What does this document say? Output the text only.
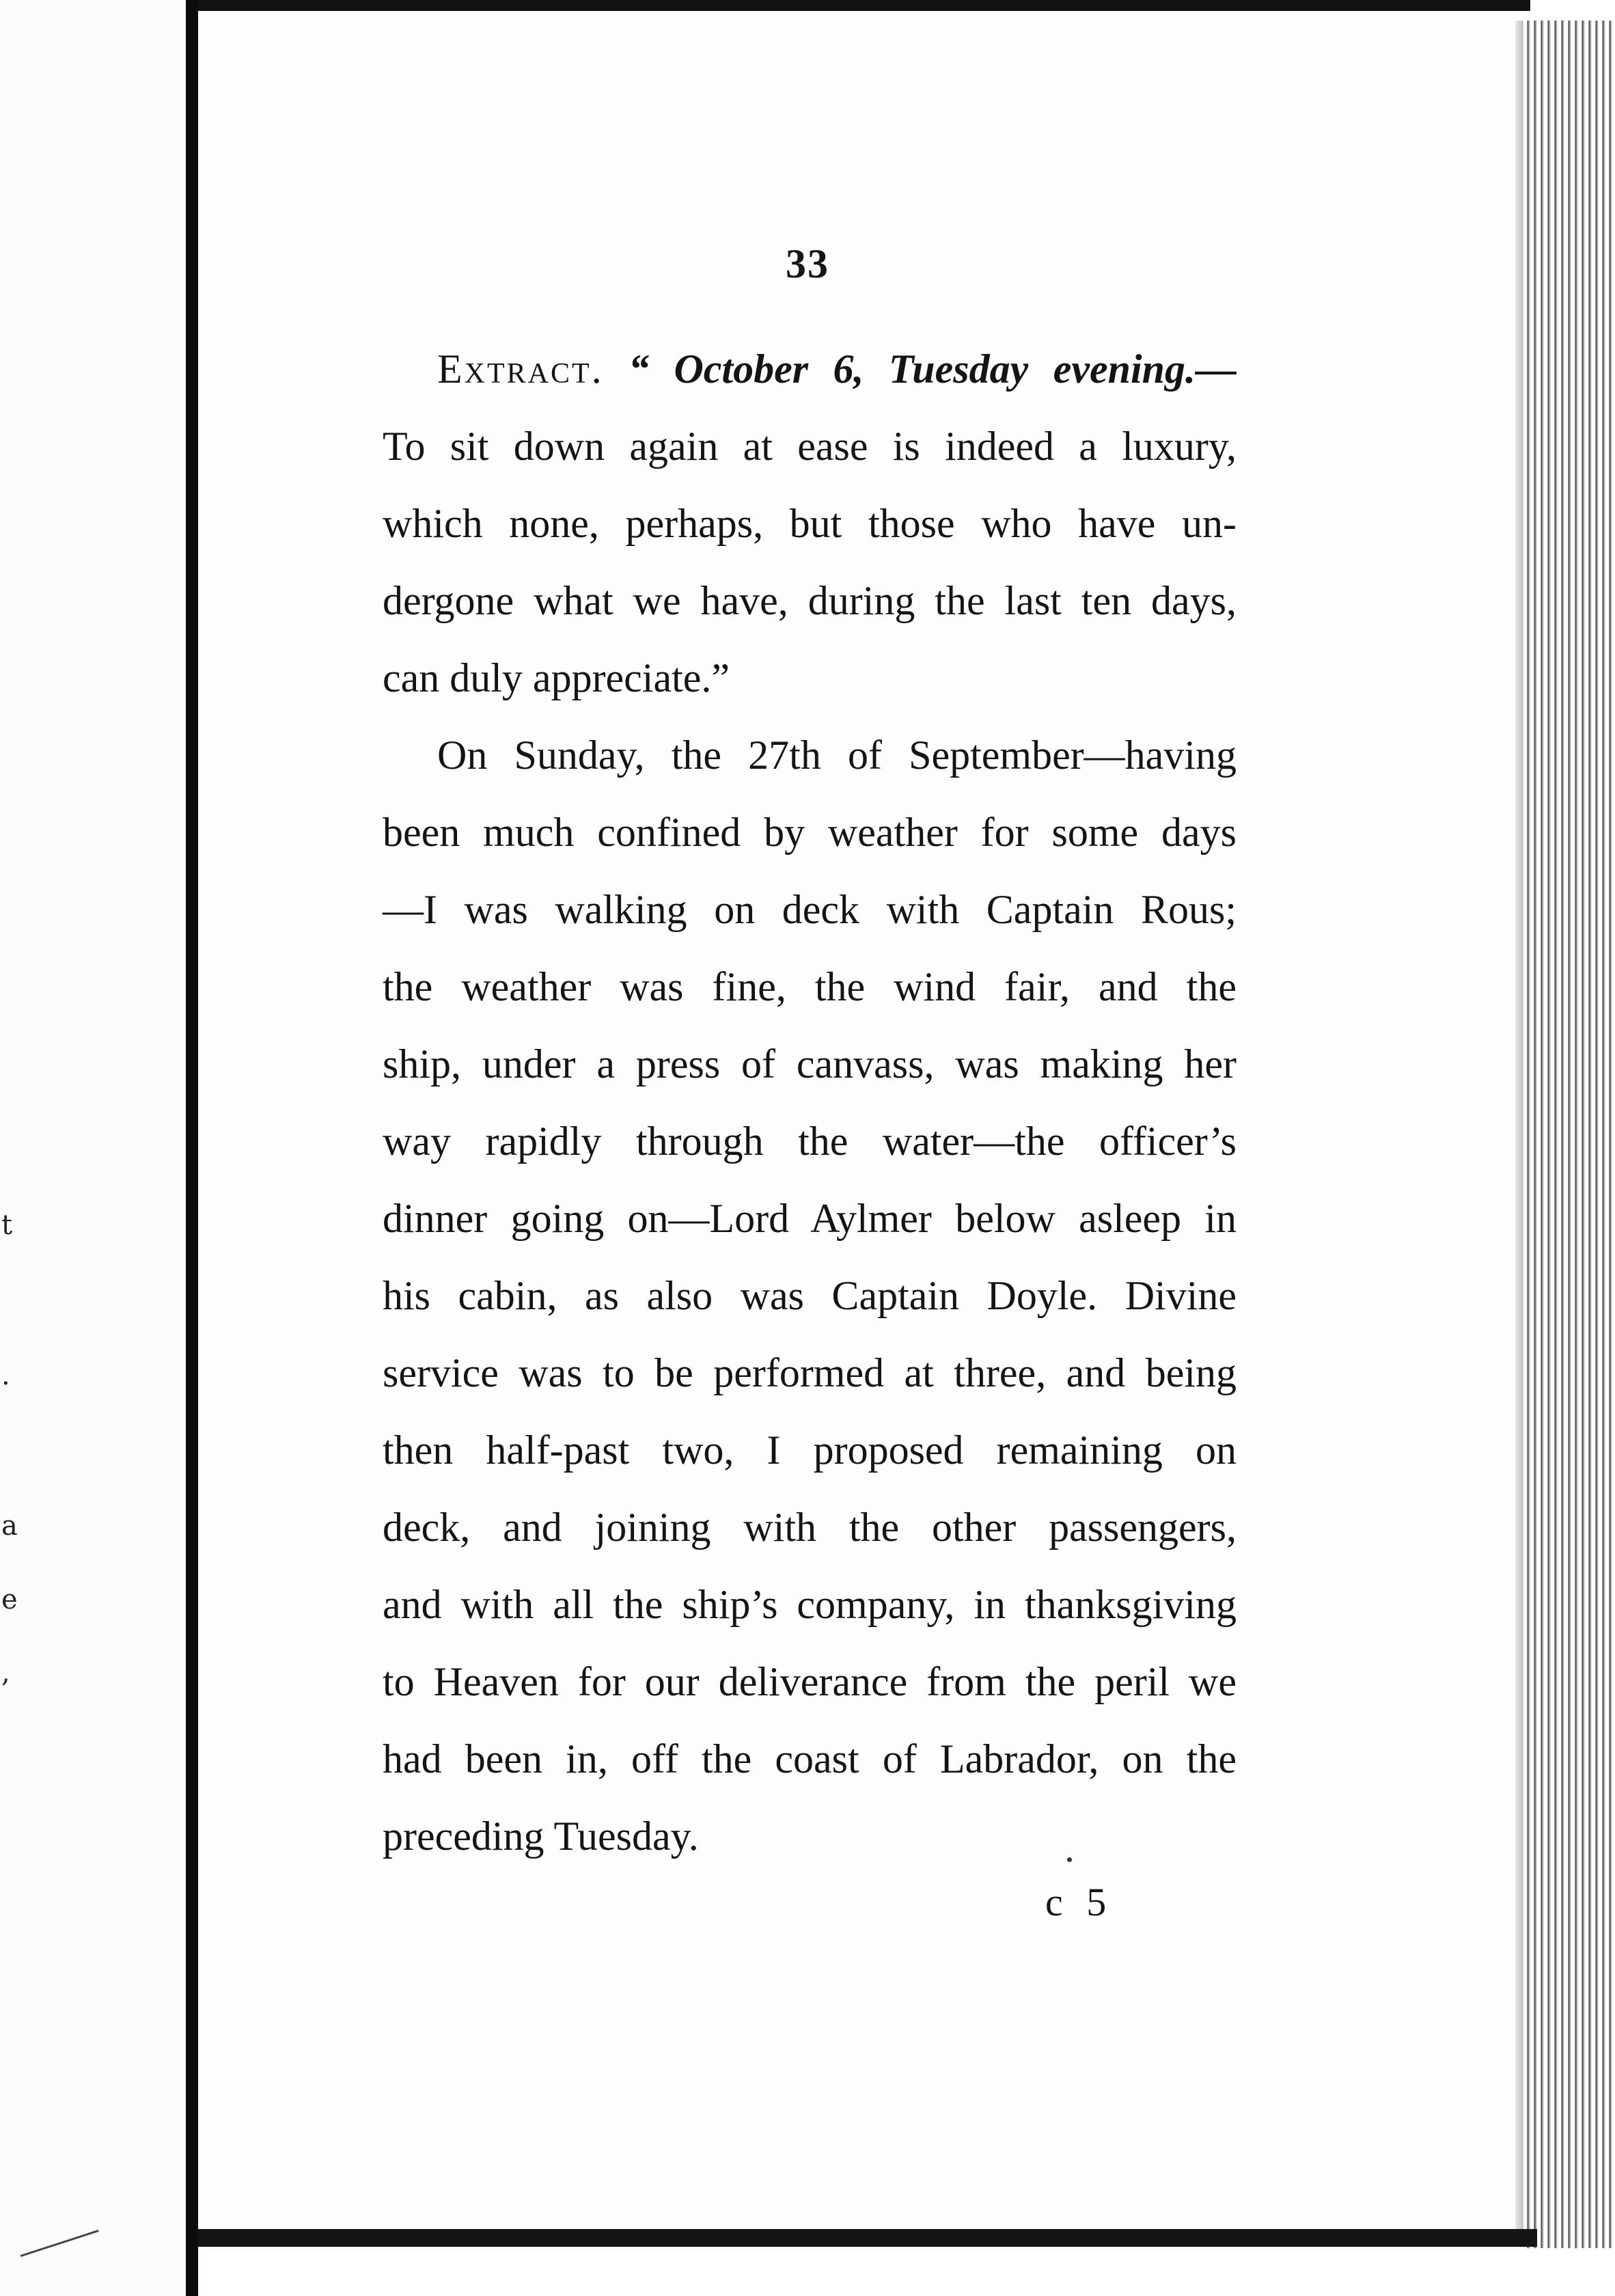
t
.
a
e
,
33
Extract. “ October 6, Tuesday evening.—
To sit down again at ease is indeed a luxury,
which none, perhaps, but those who have un-
dergone what we have, during the last ten days,
can duly appreciate.”
On Sunday, the 27th of September—having
been much confined by weather for some days
—I was walking on deck with Captain Rous;
the weather was fine, the wind fair, and the
ship, under a press of canvass, was making her
way rapidly through the water—the officer’s
dinner going on—Lord Aylmer below asleep in
his cabin, as also was Captain Doyle. Divine
service was to be performed at three, and being
then half-past two, I proposed remaining on
deck, and joining with the other passengers,
and with all the ship’s company, in thanksgiving
to Heaven for our deliverance from the peril we
had been in, off the coast of Labrador, on the
preceding Tuesday.
c 5
